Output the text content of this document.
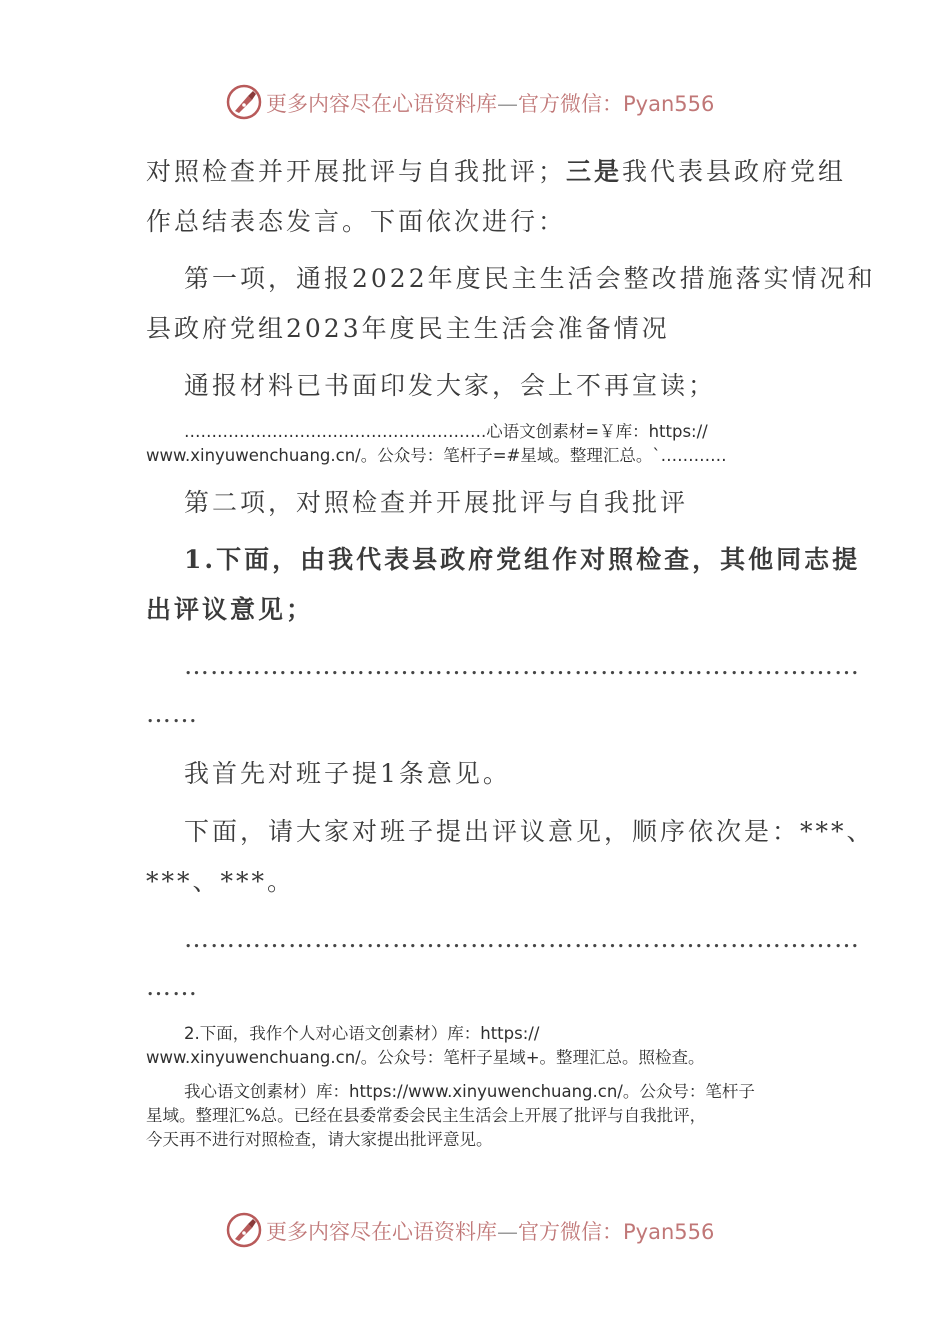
更多内容尽在心语资料库—官方微信：Pyan556
对照检查并开展批评与自我批评；三是我代表县政府党组
作总结表态发言。下面依次进行：
第一项，通报2022年度民主生活会整改措施落实情况和
县政府党组2023年度民主生活会准备情况
通报材料已书面印发大家，会上不再宣读；
……………………………………………….心语文创素材=￥库：https://
www.xinyuwenchuang.cn/。公众号：笔杆子=#星域。整理汇总。`…………
第二项，对照检查并开展批评与自我批评
1.下面，由我代表县政府党组作对照检查，其他同志提
出评议意见；
……………………………………………………………………
……
我首先对班子提1条意见。
下面，请大家对班子提出评议意见，顺序依次是：***、
***、***。
……………………………………………………………………
……
2.下面，我作个人对心语文创素材）库：https://
www.xinyuwenchuang.cn/。公众号：笔杆子星域+。整理汇总。照检查。
我心语文创素材）库：https://www.xinyuwenchuang.cn/。公众号：笔杆子
星域。整理汇%总。已经在县委常委会民主生活会上开展了批评与自我批评，
今天再不进行对照检查，请大家提出批评意见。
更多内容尽在心语资料库—官方微信：Pyan556
